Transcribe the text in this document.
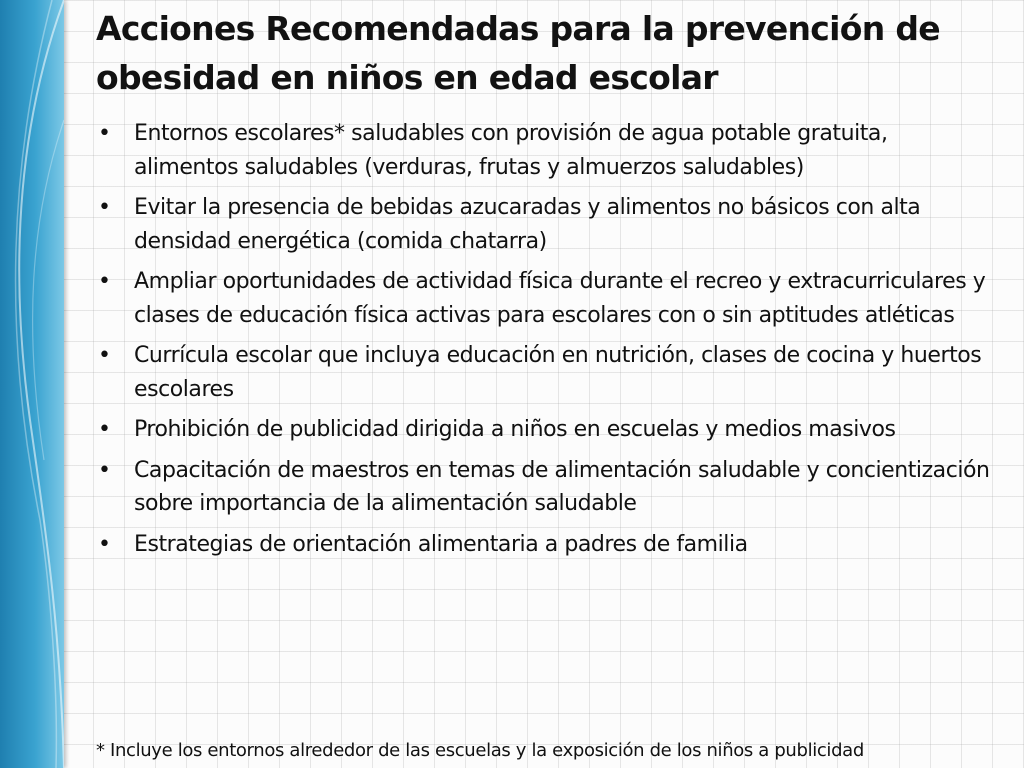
Acciones Recomendadas para la prevención de obesidad en niños en edad escolar
• Entornos escolares* saludables con provisión de agua potable gratuita, alimentos saludables (verduras, frutas y almuerzos saludables)
• Evitar la presencia de bebidas azucaradas y alimentos no básicos con alta densidad energética (comida chatarra)
• Ampliar oportunidades de actividad física durante el recreo y extracurriculares y clases de educación física activas para escolares con o sin aptitudes atléticas
• Currícula escolar que incluya educación en nutrición, clases de cocina y huertos escolares
• Prohibición de publicidad dirigida a niños en escuelas y medios masivos
• Capacitación de maestros en temas de alimentación saludable y concientización sobre importancia de la alimentación saludable
• Estrategias de orientación alimentaria a padres de familia
* Incluye los entornos alrededor de las escuelas y la exposición de los niños a publicidad
